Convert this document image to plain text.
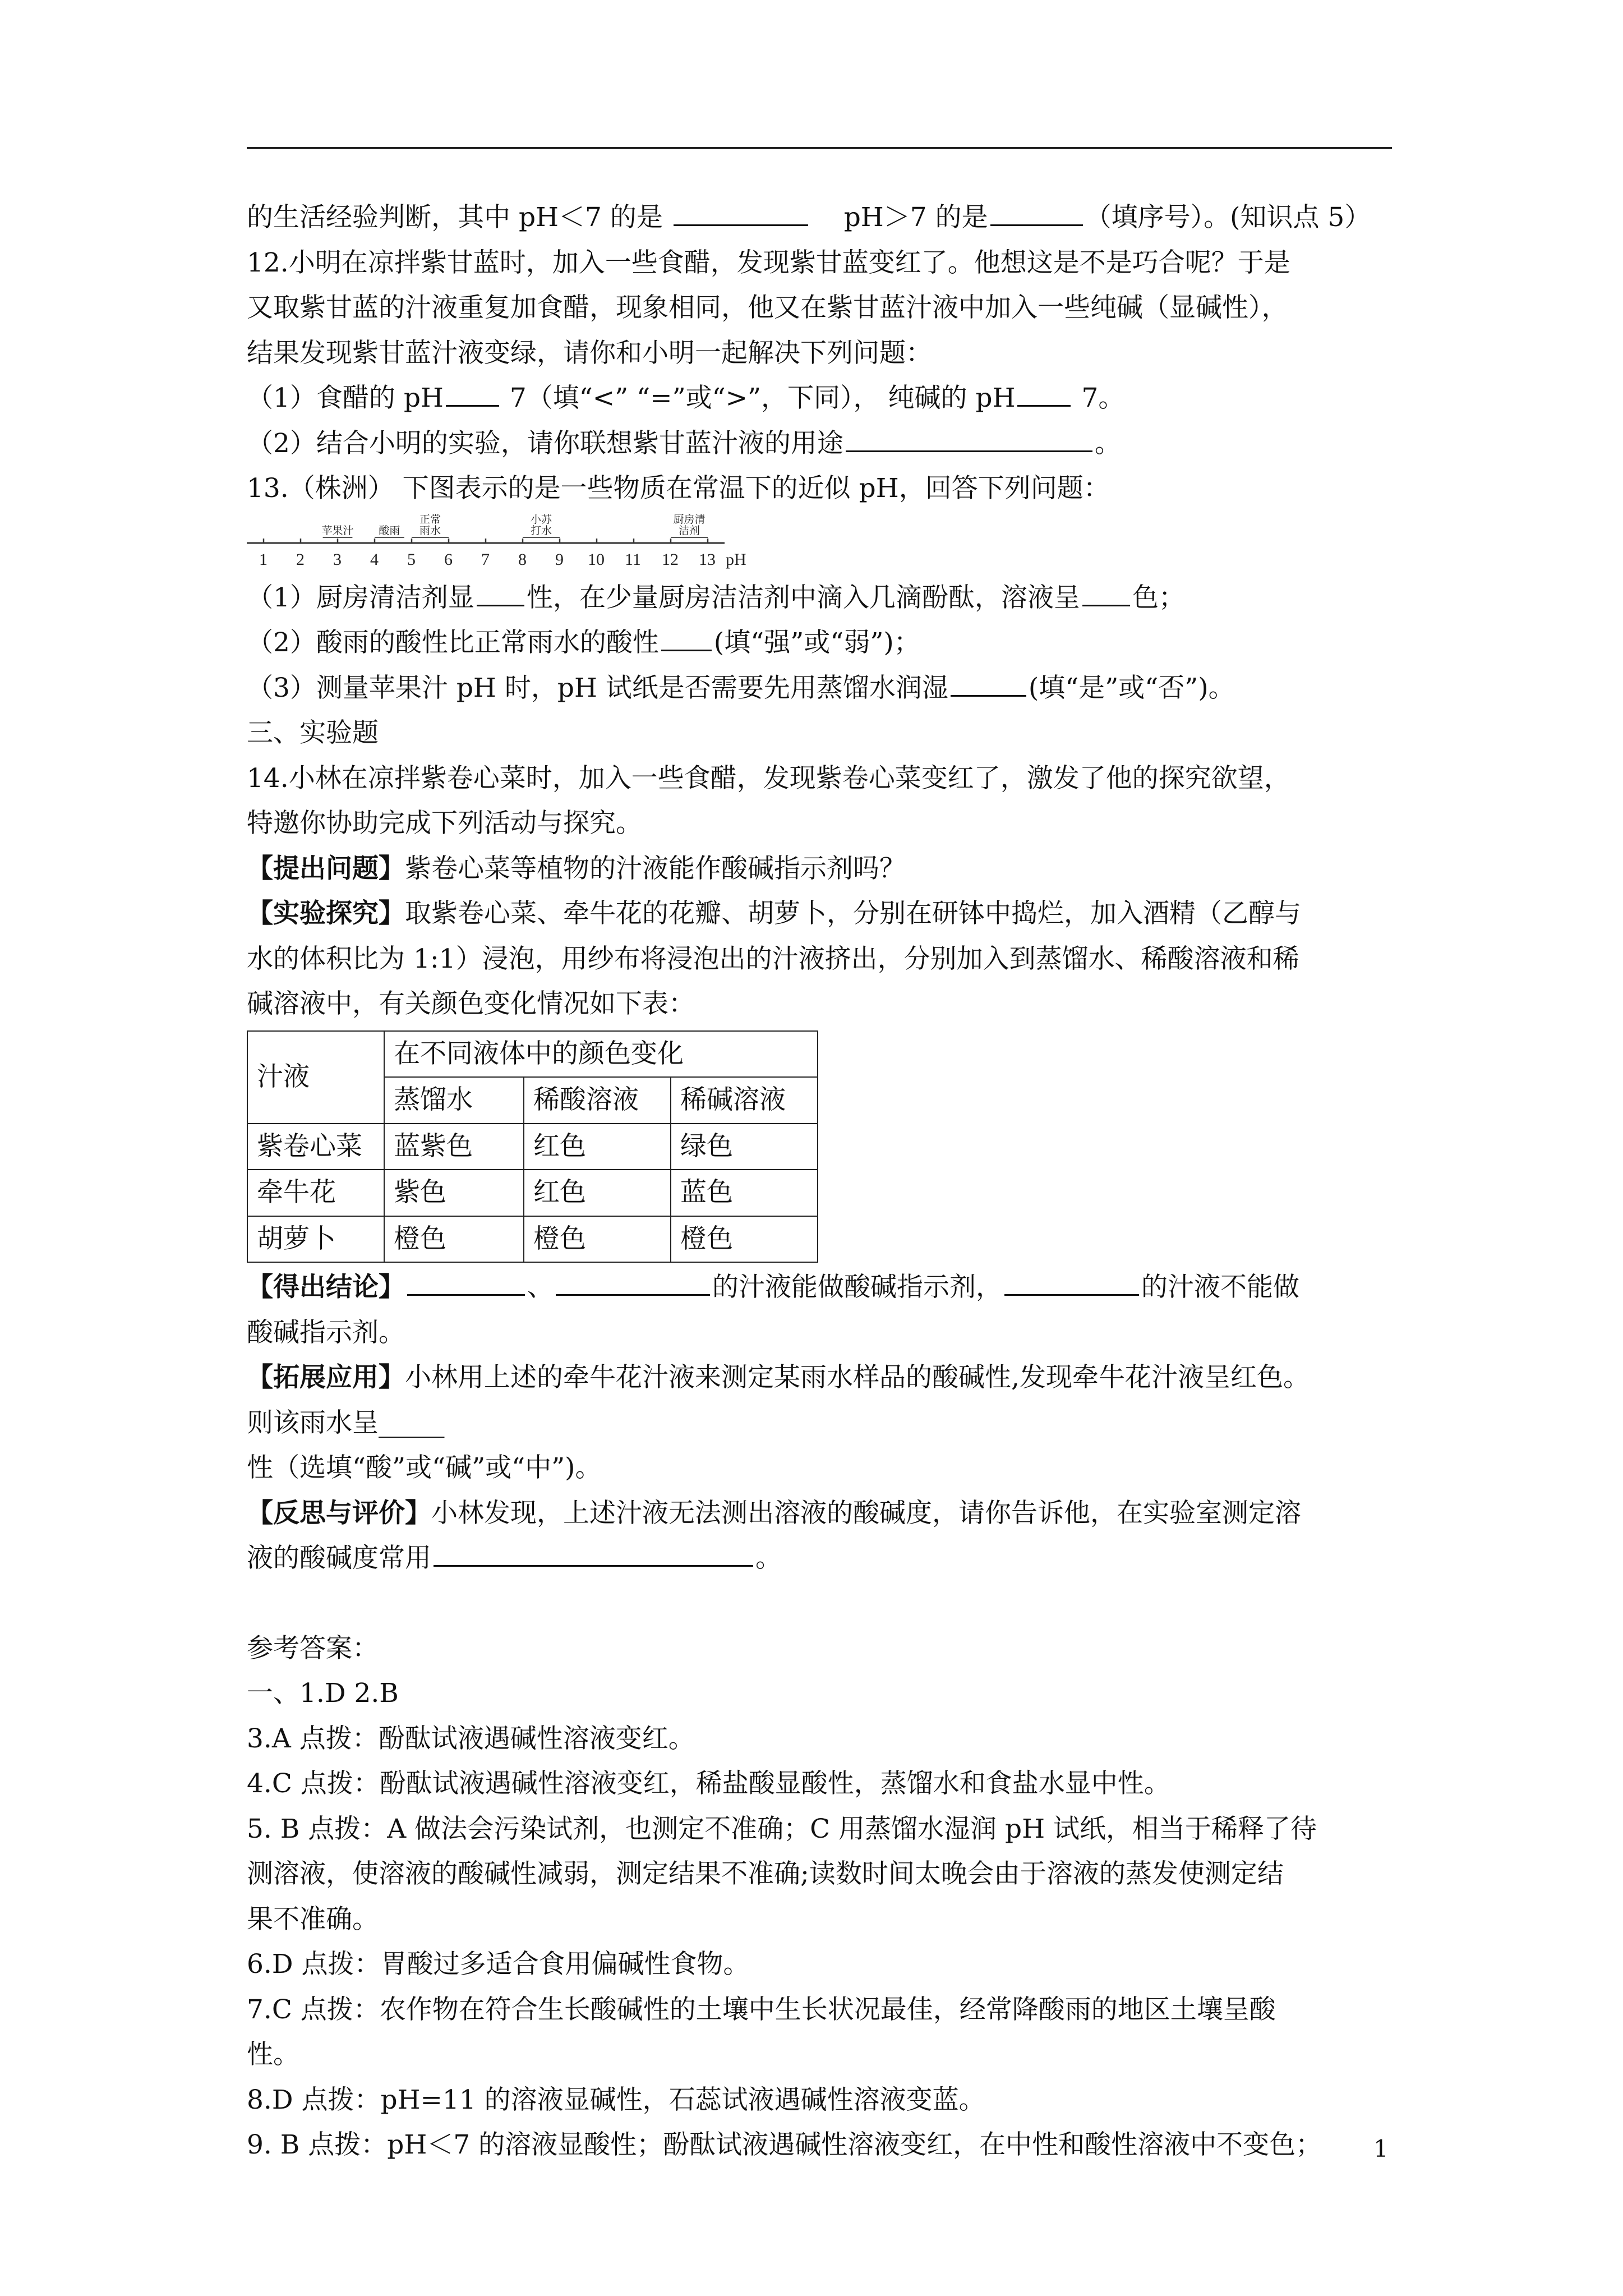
的生活经验判断，其中 pH＜7 的是	pH＞7 的是	（填序号）。(知识点 5）
12.小明在凉拌紫甘蓝时，加入一些食醋，发现紫甘蓝变红了。他想这是不是巧合呢？于是
又取紫甘蓝的汁液重复加食醋，现象相同，他又在紫甘蓝汁液中加入一些纯碱（显碱性），
结果发现紫甘蓝汁液变绿，请你和小明一起解决下列问题：
（1）食醋的 pH	7（填“<” “=”或“>”，下同）， 纯碱的 pH	7。
（2）结合小明的实验，请你联想紫甘蓝汁液的用途	。
13.（株洲） 下图表示的是一些物质在常温下的近似 pH，回答下列问题：
1 2 3 4 5 6 7 8 9 10 11 12 13 pH
苹果汁	酸雨
正常
雨水
小苏
打水
厨房清
洁剂
（1）厨房清洁剂显 性，在少量厨房洁洁剂中滴入几滴酚酞，溶液呈 色；
（2）酸雨的酸性比正常雨水的酸性 (填“强”或“弱”)；
（3）测量苹果汁 pH 时，pH 试纸是否需要先用蒸馏水润湿	(填“是”或“否”)。
三、实验题
14.小林在凉拌紫卷心菜时，加入一些食醋，发现紫卷心菜变红了，激发了他的探究欲望，
特邀你协助完成下列活动与探究。
【提出问题】紫卷心菜等植物的汁液能作酸碱指示剂吗？
【实验探究】取紫卷心菜、牵牛花的花瓣、胡萝卜，分别在研钵中捣烂，加入酒精（乙醇与
水的体积比为 1:1）浸泡，用纱布将浸泡出的汁液挤出，分别加入到蒸馏水、稀酸溶液和稀
碱溶液中，有关颜色变化情况如下表：
汁液	在不同液体中的颜色变化		
	蒸馏水	稀酸溶液	稀碱溶液
紫卷心菜	蓝紫色	红色	绿色
牵牛花	紫色	红色	蓝色
胡萝卜	橙色	橙色	橙色
【得出结论】	、	的汁液能做酸碱指示剂，	的汁液不能做
酸碱指示剂。
【拓展应用】小林用上述的牵牛花汁液来测定某雨水样品的酸碱性,发现牵牛花汁液呈红色。
则该雨水呈_____
性（选填“酸”或“碱”或“中”)。
【反思与评价】小林发现，上述汁液无法测出溶液的酸碱度，请你告诉他，在实验室测定溶
液的酸碱度常用	。
参考答案：
一、1.D 2.B
3.A 点拨：酚酞试液遇碱性溶液变红。
4.C 点拨：酚酞试液遇碱性溶液变红，稀盐酸显酸性，蒸馏水和食盐水显中性。
5. B 点拨：A 做法会污染试剂，也测定不准确；C 用蒸馏水湿润 pH 试纸，相当于稀释了待
测溶液，使溶液的酸碱性减弱，测定结果不准确;读数时间太晚会由于溶液的蒸发使测定结
果不准确。
6.D 点拨：胃酸过多适合食用偏碱性食物。
7.C 点拨：农作物在符合生长酸碱性的土壤中生长状况最佳，经常降酸雨的地区土壤呈酸
性。
8.D 点拨：pH=11 的溶液显碱性，石蕊试液遇碱性溶液变蓝。
9. B 点拨：pH＜7 的溶液显酸性；酚酞试液遇碱性溶液变红，在中性和酸性溶液中不变色；	1
